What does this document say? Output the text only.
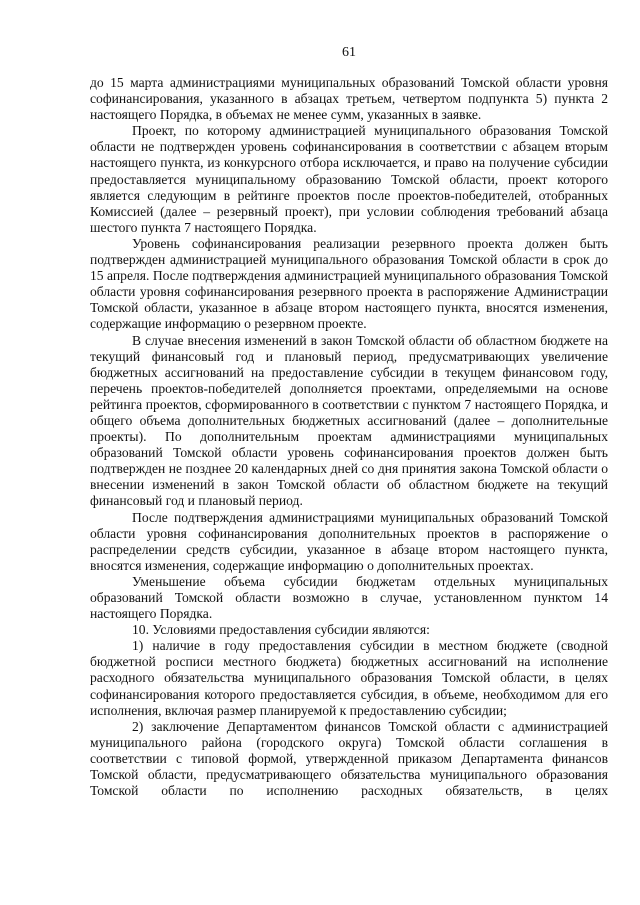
61

до 15 марта администрациями муниципальных образований Томской области уровня софинансирования, указанного в абзацах третьем, четвертом подпункта 5) пункта 2 настоящего Порядка, в объемах не менее сумм, указанных в заявке.

Проект, по которому администрацией муниципального образования Томской области не подтвержден уровень софинансирования в соответствии с абзацем вторым настоящего пункта, из конкурсного отбора исключается, и право на получение субсидии предоставляется муниципальному образованию Томской области, проект которого является следующим в рейтинге проектов после проектов-победителей, отобранных Комиссией (далее – резервный проект), при условии соблюдения требований абзаца шестого пункта 7 настоящего Порядка.

Уровень софинансирования реализации резервного проекта должен быть подтвержден администрацией муниципального образования Томской области в срок до 15 апреля. После подтверждения администрацией муниципального образования Томской области уровня софинансирования резервного проекта в распоряжение Администрации Томской области, указанное в абзаце втором настоящего пункта, вносятся изменения, содержащие информацию о резервном проекте.

В случае внесения изменений в закон Томской области об областном бюджете на текущий финансовый год и плановый период, предусматривающих увеличение бюджетных ассигнований на предоставление субсидии в текущем финансовом году, перечень проектов-победителей дополняется проектами, определяемыми на основе рейтинга проектов, сформированного в соответствии с пунктом 7 настоящего Порядка, и общего объема дополнительных бюджетных ассигнований (далее – дополнительные проекты). По дополнительным проектам администрациями муниципальных образований Томской области уровень софинансирования проектов должен быть подтвержден не позднее 20 календарных дней со дня принятия закона Томской области о внесении изменений в закон Томской области об областном бюджете на текущий финансовый год и плановый период.

После подтверждения администрациями муниципальных образований Томской области уровня софинансирования дополнительных проектов в распоряжение о распределении средств субсидии, указанное в абзаце втором настоящего пункта, вносятся изменения, содержащие информацию о дополнительных проектах.

Уменьшение объема субсидии бюджетам отдельных муниципальных образований Томской области возможно в случае, установленном пунктом 14 настоящего Порядка.

10. Условиями предоставления субсидии являются:

1) наличие в году предоставления субсидии в местном бюджете (сводной бюджетной росписи местного бюджета) бюджетных ассигнований на исполнение расходного обязательства муниципального образования Томской области, в целях софинансирования которого предоставляется субсидия, в объеме, необходимом для его исполнения, включая размер планируемой к предоставлению субсидии;

2) заключение Департаментом финансов Томской области с администрацией муниципального района (городского округа) Томской области соглашения в соответствии с типовой формой, утвержденной приказом Департамента финансов Томской области, предусматривающего обязательства муниципального образования Томской области по исполнению расходных обязательств, в целях
